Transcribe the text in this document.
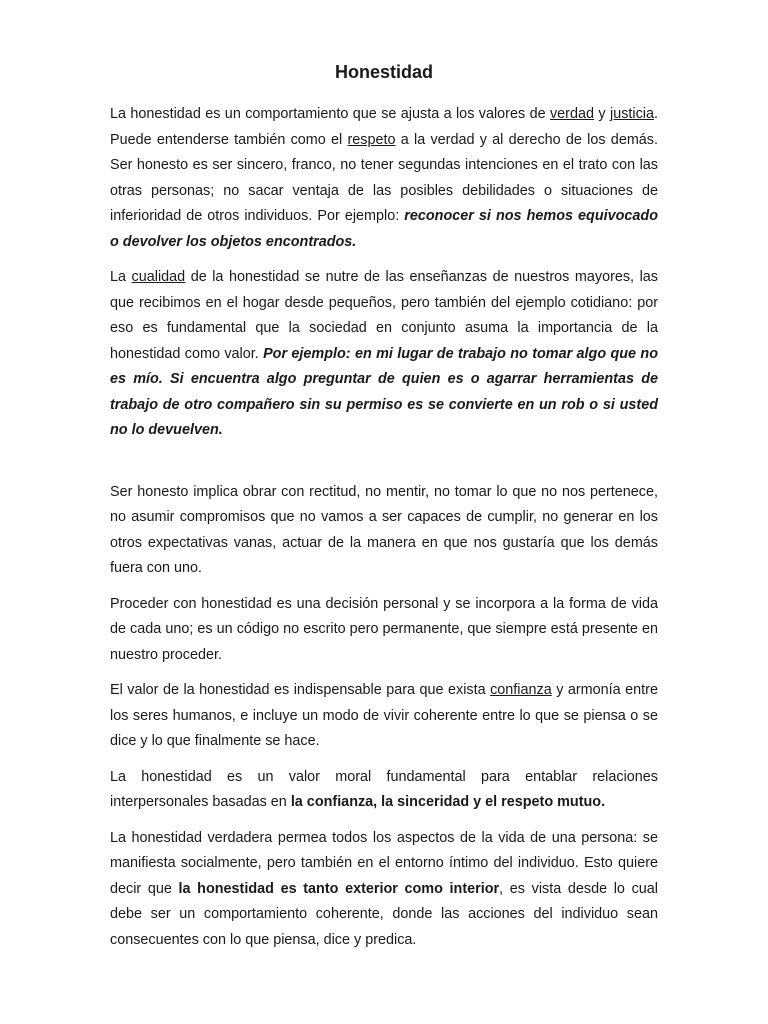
Honestidad

La honestidad es un comportamiento que se ajusta a los valores de verdad y justicia. Puede entenderse también como el respeto a la verdad y al derecho de los demás. Ser honesto es ser sincero, franco, no tener segundas intenciones en el trato con las otras personas; no sacar ventaja de las posibles debilidades o situaciones de inferioridad de otros individuos. Por ejemplo: reconocer si nos hemos equivocado o devolver los objetos encontrados.

La cualidad de la honestidad se nutre de las enseñanzas de nuestros mayores, las que recibimos en el hogar desde pequeños, pero también del ejemplo cotidiano: por eso es fundamental que la sociedad en conjunto asuma la importancia de la honestidad como valor. Por ejemplo: en mi lugar de trabajo no tomar algo que no es mío. Si encuentra algo preguntar de quien es o agarrar herramientas de trabajo de otro compañero sin su permiso es se convierte en un rob o si usted no lo devuelven.

Ser honesto implica obrar con rectitud, no mentir, no tomar lo que no nos pertenece, no asumir compromisos que no vamos a ser capaces de cumplir, no generar en los otros expectativas vanas, actuar de la manera en que nos gustaría que los demás fuera con uno.

Proceder con honestidad es una decisión personal y se incorpora a la forma de vida de cada uno; es un código no escrito pero permanente, que siempre está presente en nuestro proceder.

El valor de la honestidad es indispensable para que exista confianza y armonía entre los seres humanos, e incluye un modo de vivir coherente entre lo que se piensa o se dice y lo que finalmente se hace.

La honestidad es un valor moral fundamental para entablar relaciones interpersonales basadas en la confianza, la sinceridad y el respeto mutuo.

La honestidad verdadera permea todos los aspectos de la vida de una persona: se manifiesta socialmente, pero también en el entorno íntimo del individuo. Esto quiere decir que la honestidad es tanto exterior como interior, es vista desde lo cual debe ser un comportamiento coherente, donde las acciones del individuo sean consecuentes con lo que piensa, dice y predica.
